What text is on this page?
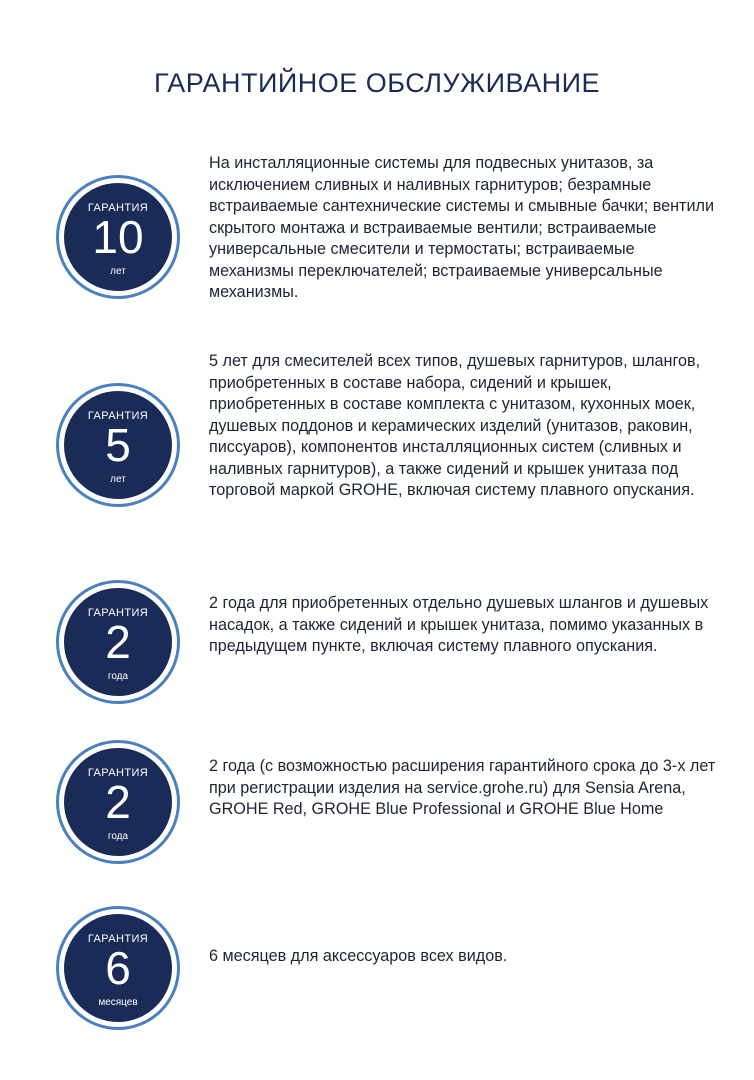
ГАРАНТИЙНОЕ ОБСЛУЖИВАНИЕ
ГАРАНТИЯ
10
лет

На инсталляционные системы для подвесных унитазов, за исключением сливных и наливных гарнитуров; безрамные встраиваемые сантехнические системы и смывные бачки; вентили скрытого монтажа и встраиваемые вентили; встраиваемые универсальные смесители и термостаты; встраиваемые механизмы переключателей; встраиваемые универсальные механизмы.

ГАРАНТИЯ
5
лет

5 лет для смесителей всех типов, душевых гарнитуров, шлангов, приобретенных в составе набора, сидений и крышек, приобретенных в составе комплекта с унитазом, кухонных моек, душевых поддонов и керамических изделий (унитазов, раковин, писсуаров), компонентов инсталляционных систем (сливных и наливных гарнитуров), а также сидений и крышек унитаза под торговой маркой GROHE, включая систему плавного опускания.

ГАРАНТИЯ
2
года

2 года для приобретенных отдельно душевых шлангов и душевых насадок, а также сидений и крышек унитаза, помимо указанных в предыдущем пункте, включая систему плавного опускания.

ГАРАНТИЯ
2
года

2 года (с возможностью расширения гарантийного срока до 3-х лет при регистрации изделия на service.grohe.ru) для Sensia Arena, GROHE Red, GROHE Blue Professional и GROHE Blue Home

ГАРАНТИЯ
6
месяцев

6 месяцев для аксессуаров всех видов.
